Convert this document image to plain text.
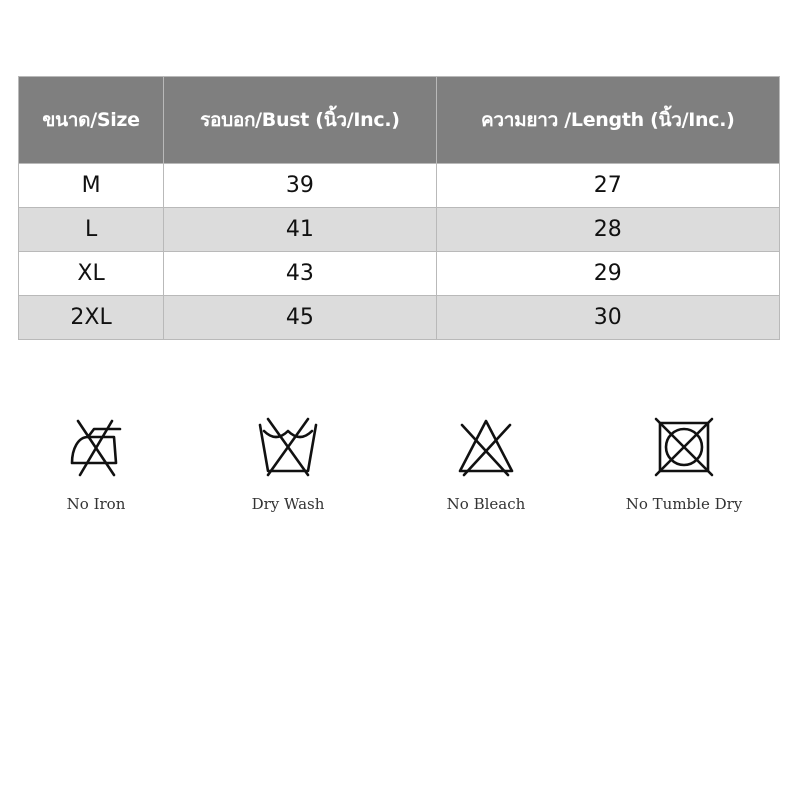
ขนาด/Size	รอบอก/Bust (นิ้ว/Inc.)	ความยาว /Length (นิ้ว/Inc.)
M	39	27
L	41	28
XL	43	29
2XL	45	30
No Iron	Dry Wash	No Bleach	No Tumble Dry
